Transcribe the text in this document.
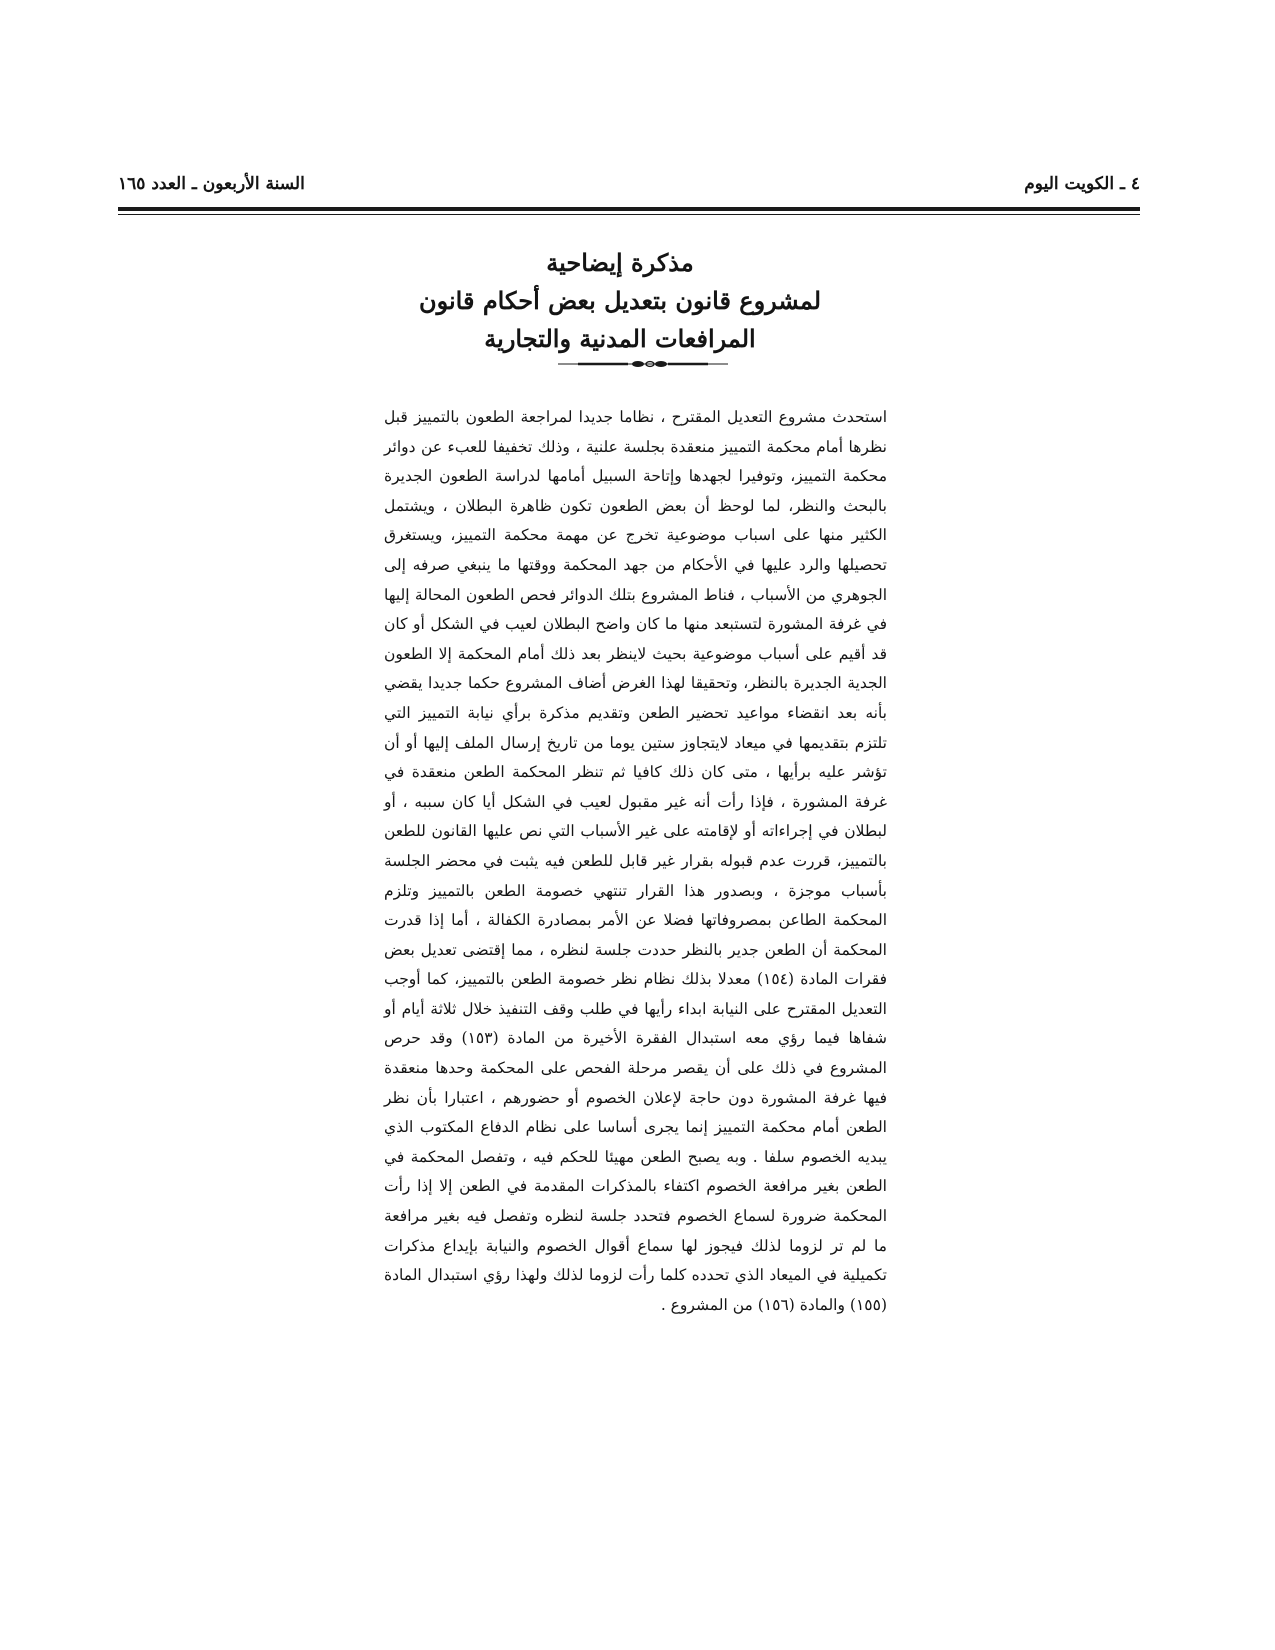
٤ ـ الكويت اليوم
السنة الأربعون ـ العدد ١٦٥
مذكرة إيضاحية
لمشروع قانون بتعديل بعض أحكام قانون
المرافعات المدنية والتجارية
استحدث مشروع التعديل المقترح ، نظاما جديدا لمراجعة الطعون بالتمييز قبل نظرها أمام محكمة التمييز منعقدة بجلسة علنية ، وذلك تخفيفا للعبء عن دوائر محكمة التمييز، وتوفيرا لجهدها وإتاحة السبيل أمامها لدراسة الطعون الجديرة بالبحث والنظر، لما لوحظ أن بعض الطعون تكون ظاهرة البطلان ، ويشتمل الكثير منها على اسباب موضوعية تخرج عن مهمة محكمة التمييز، ويستغرق تحصيلها والرد عليها في الأحكام من جهد المحكمة ووقتها ما ينبغي صرفه إلى الجوهري من الأسباب ، فناط المشروع بتلك الدوائر فحص الطعون المحالة إليها في غرفة المشورة لتستبعد منها ما كان واضح البطلان لعيب في الشكل أو كان قد أقيم على أسباب موضوعية بحيث لاينظر بعد ذلك أمام المحكمة إلا الطعون الجدية الجديرة بالنظر، وتحقيقا لهذا الغرض أضاف المشروع حكما جديدا يقضي بأنه بعد انقضاء مواعيد تحضير الطعن وتقديم مذكرة برأي نيابة التمييز التي تلتزم بتقديمها في ميعاد لايتجاوز ستين يوما من تاريخ إرسال الملف إليها أو أن تؤشر عليه برأيها ، متى كان ذلك كافيا ثم تنظر المحكمة الطعن منعقدة في غرفة المشورة ، فإذا رأت أنه غير مقبول لعيب في الشكل أيا كان سببه ، أو لبطلان في إجراءاته أو لإقامته على غير الأسباب التي نص عليها القانون للطعن بالتمييز، قررت عدم قبوله بقرار غير قابل للطعن فيه يثبت في محضر الجلسة بأسباب موجزة ، وبصدور هذا القرار تنتهي خصومة الطعن بالتمييز وتلزم المحكمة الطاعن بمصروفاتها فضلا عن الأمر بمصادرة الكفالة ، أما إذا قدرت المحكمة أن الطعن جدير بالنظر حددت جلسة لنظره ، مما إقتضى تعديل بعض فقرات المادة (١٥٤) معدلا بذلك نظام نظر خصومة الطعن بالتمييز، كما أوجب التعديل المقترح على النيابة ابداء رأيها في طلب وقف التنفيذ خلال ثلاثة أيام أو شفاها فيما رؤي معه استبدال الفقرة الأخيرة من المادة (١٥٣) وقد حرص المشروع في ذلك على أن يقصر مرحلة الفحص على المحكمة وحدها منعقدة فيها غرفة المشورة دون حاجة لإعلان الخصوم أو حضورهم ، اعتبارا بأن نظر الطعن أمام محكمة التمييز إنما يجرى أساسا على نظام الدفاع المكتوب الذي يبديه الخصوم سلفا . وبه يصبح الطعن مهيئا للحكم فيه ، وتفصل المحكمة في الطعن بغير مرافعة الخصوم اكتفاء بالمذكرات المقدمة في الطعن إلا إذا رأت المحكمة ضرورة لسماع الخصوم فتحدد جلسة لنظره وتفصل فيه بغير مرافعة ما لم تر لزوما لذلك فيجوز لها سماع أقوال الخصوم والنيابة بإيداع مذكرات تكميلية في الميعاد الذي تحدده كلما رأت لزوما لذلك ولهذا رؤي استبدال المادة (١٥٥) والمادة (١٥٦) من المشروع .
